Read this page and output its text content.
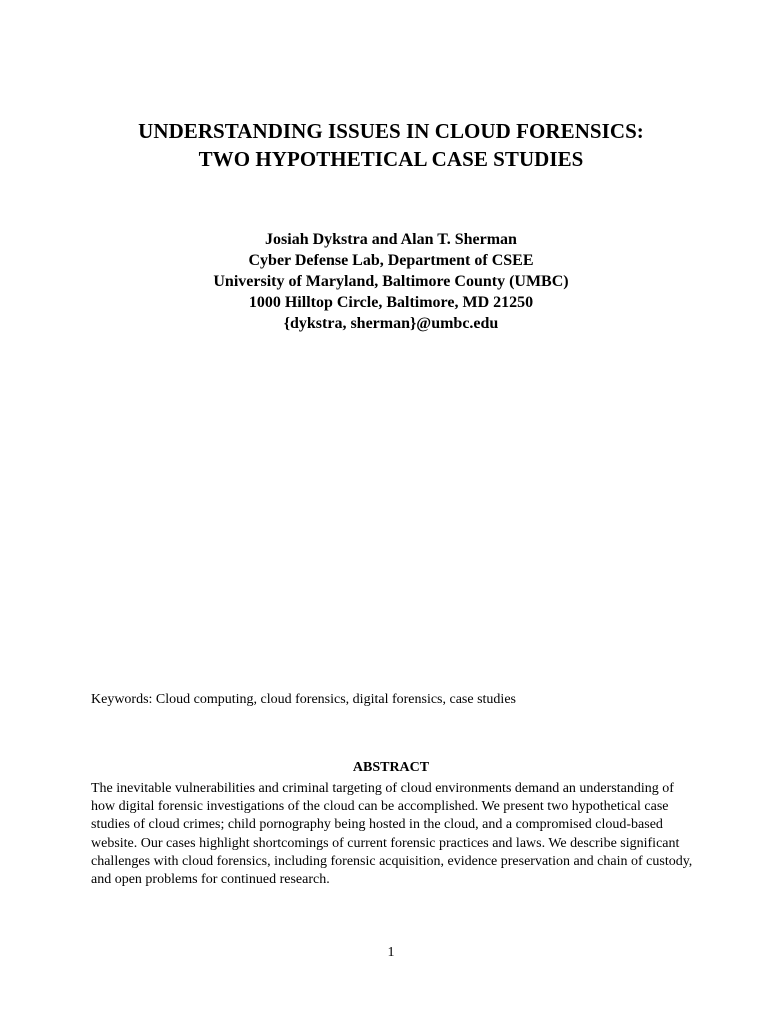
UNDERSTANDING ISSUES IN CLOUD FORENSICS:

TWO HYPOTHETICAL CASE STUDIES

Josiah Dykstra and Alan T. Sherman

Cyber Defense Lab, Department of CSEE

University of Maryland, Baltimore County (UMBC)

1000 Hilltop Circle, Baltimore, MD 21250

{dykstra, sherman}@umbc.edu

Keywords: Cloud computing, cloud forensics, digital forensics, case studies

ABSTRACT

The inevitable vulnerabilities and criminal targeting of cloud environments demand an understanding of
how digital forensic investigations of the cloud can be accomplished. We present two hypothetical case
studies of cloud crimes; child pornography being hosted in the cloud, and a compromised cloud-based
website. Our cases highlight shortcomings of current forensic practices and laws. We describe significant
challenges with cloud forensics, including forensic acquisition, evidence preservation and chain of custody,
and open problems for continued research.

1
